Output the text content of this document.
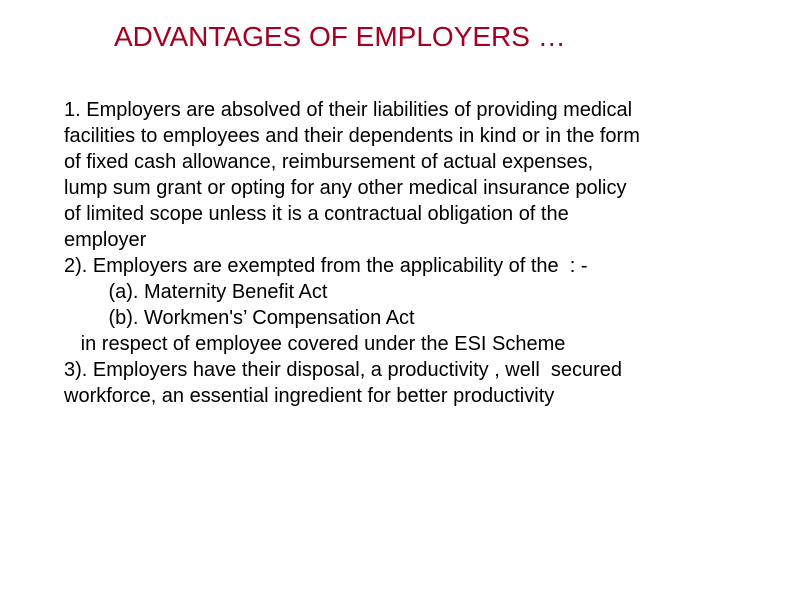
ADVANTAGES OF EMPLOYERS …
1. Employers are absolved of their liabilities of providing medical
facilities to employees and their dependents in kind or in the form
of fixed cash allowance, reimbursement of actual expenses,
lump sum grant or opting for any other medical insurance policy
of limited scope unless it is a contractual obligation of the
employer
2). Employers are exempted from the applicability of the  : -
(a). Maternity Benefit Act
(b). Workmen's’ Compensation Act
in respect of employee covered under the ESI Scheme
3). Employers have their disposal, a productivity , well  secured
workforce, an essential ingredient for better productivity
